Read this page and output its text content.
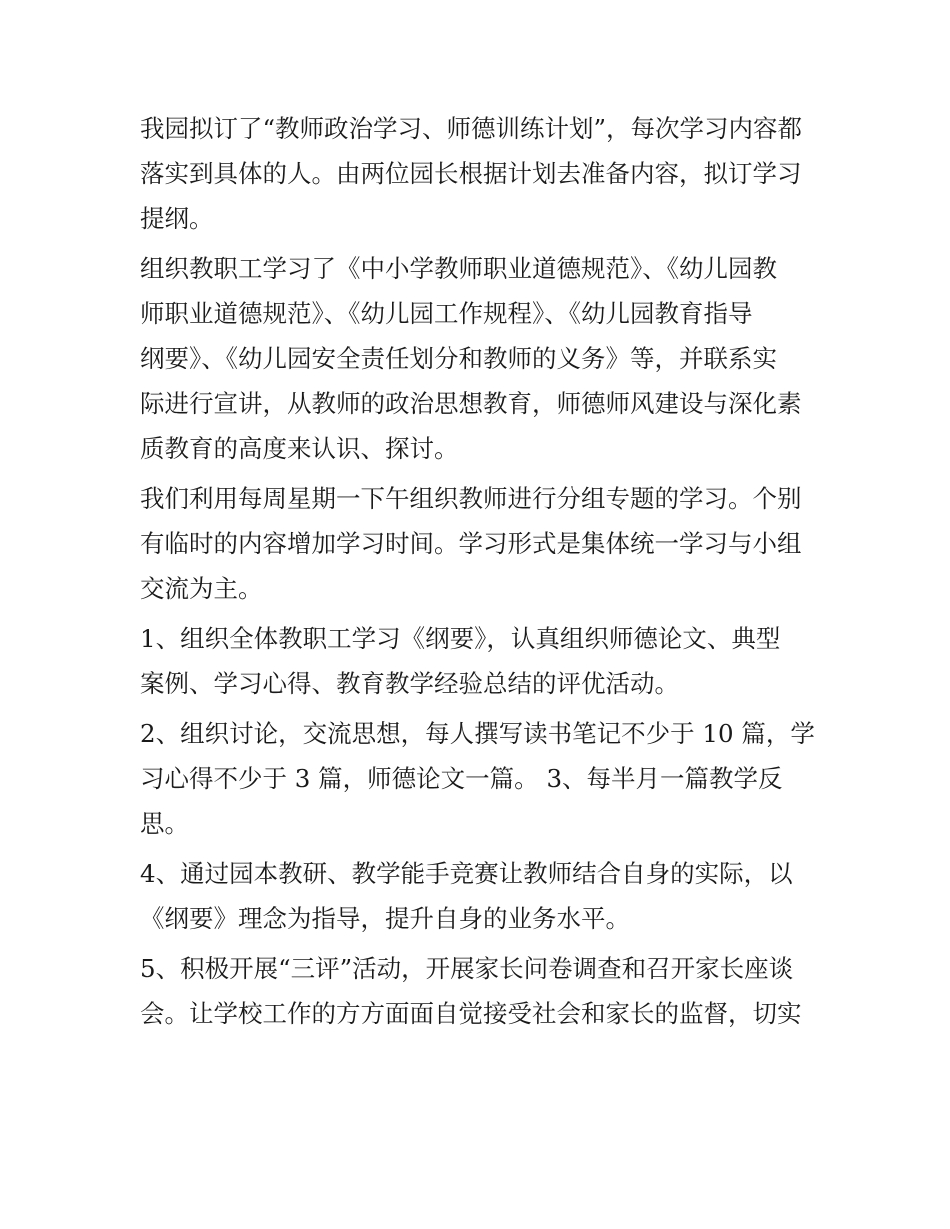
我园拟订了“教师政治学习、师德训练计划”，每次学习内容都
落实到具体的人。由两位园长根据计划去准备内容，拟订学习
提纲。
组织教职工学习了《中小学教师职业道德规范》、《幼儿园教
师职业道德规范》、《幼儿园工作规程》、《幼儿园教育指导
纲要》、《幼儿园安全责任划分和教师的义务》等，并联系实
际进行宣讲，从教师的政治思想教育，师德师风建设与深化素
质教育的高度来认识、探讨。
我们利用每周星期一下午组织教师进行分组专题的学习。个别
有临时的内容增加学习时间。学习形式是集体统一学习与小组
交流为主。
1、组织全体教职工学习《纲要》，认真组织师德论文、典型
案例、学习心得、教育教学经验总结的评优活动。
2、组织讨论，交流思想，每人撰写读书笔记不少于 10 篇，学
习心得不少于 3 篇，师德论文一篇。 3、每半月一篇教学反
思。
4、通过园本教研、教学能手竞赛让教师结合自身的实际，以
《纲要》理念为指导，提升自身的业务水平。
5、积极开展“三评”活动，开展家长问卷调查和召开家长座谈
会。让学校工作的方方面面自觉接受社会和家长的监督，切实
